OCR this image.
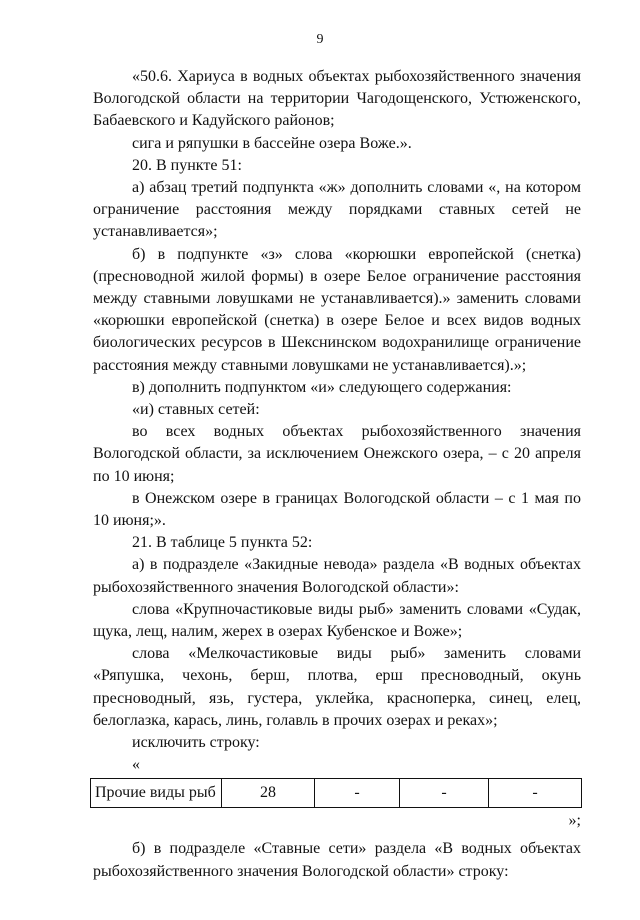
9

«50.6. Хариуса в водных объектах рыбохозяйственного значения Вологодской области на территории Чагодощенского, Устюженского, Бабаевского и Кадуйского районов;

сига и ряпушки в бассейне озера Воже.».

20. В пункте 51:

а) абзац третий подпункта «ж» дополнить словами «, на котором ограничение расстояния между порядками ставных сетей не устанавливается»;

б) в подпункте «з» слова «корюшки европейской (снетка) (пресноводной жилой формы) в озере Белое ограничение расстояния между ставными ловушками не устанавливается).» заменить словами «корюшки европейской (снетка) в озере Белое и всех видов водных биологических ресурсов в Шекснинском водохранилище ограничение расстояния между ставными ловушками не устанавливается).»;

в) дополнить подпунктом «и» следующего содержания:

«и) ставных сетей:

во всех водных объектах рыбохозяйственного значения Вологодской области, за исключением Онежского озера, – с 20 апреля по 10 июня;

в Онежском озере в границах Вологодской области – с 1 мая по 10 июня;».

21. В таблице 5 пункта 52:

а) в подразделе «Закидные невода» раздела «В водных объектах рыбохозяйственного значения Вологодской области»:

слова «Крупночастиковые виды рыб» заменить словами «Судак, щука, лещ, налим, жерех в озерах Кубенское и Воже»;

слова «Мелкочастиковые виды рыб» заменить словами «Ряпушка, чехонь, берш, плотва, ерш пресноводный, окунь пресноводный, язь, густера, уклейка, красноперка, синец, елец, белоглазка, карась, линь, голавль в прочих озерах и реках»;

исключить строку:

«
Прочие виды рыб	28	-	-	-
»;

б) в подразделе «Ставные сети» раздела «В водных объектах рыбохозяйственного значения Вологодской области» строку:
